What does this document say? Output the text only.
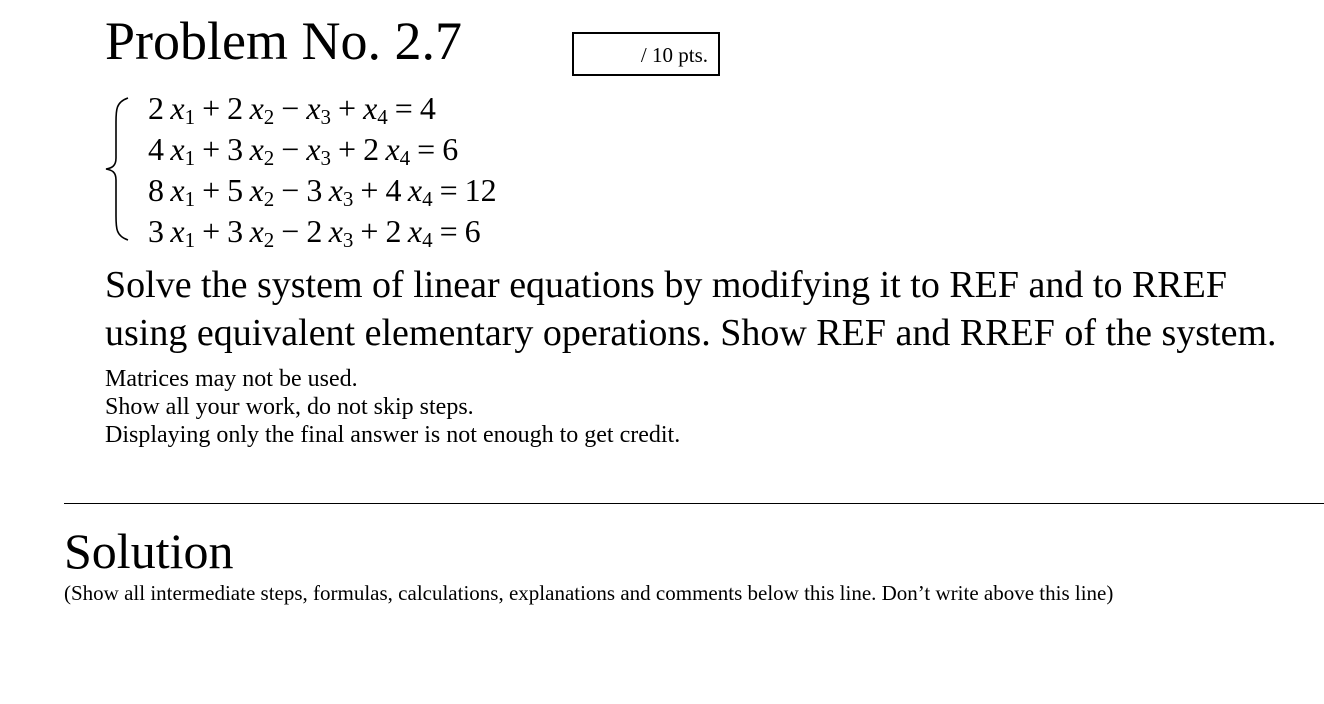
Problem No. 2.7	/ 10 pts.
2 $x_1 + 2$ $x_2 - x_3 + x_4 = 4$
4 $x_1 + 3$ $x_2 - x_3 + 2$ $x_4 = 6$
8 $x_1 + 5$ $x_2 - 3$ $x_3 + 4$ $x_4 = 12$
3 $x_1 + 3$ $x_2 - 2$ $x_3 + 2$ $x_4 = 6$
Solve the system of linear equations by modifying it to REF and to RREF
using equivalent elementary operations. Show REF and RREF of the system.
Matrices may not be used.
Show all your work, do not skip steps.
Displaying only the final answer is not enough to get credit.
Solution
(Show all intermediate steps, formulas, calculations, explanations and comments below this line. Don’t write above this line)
